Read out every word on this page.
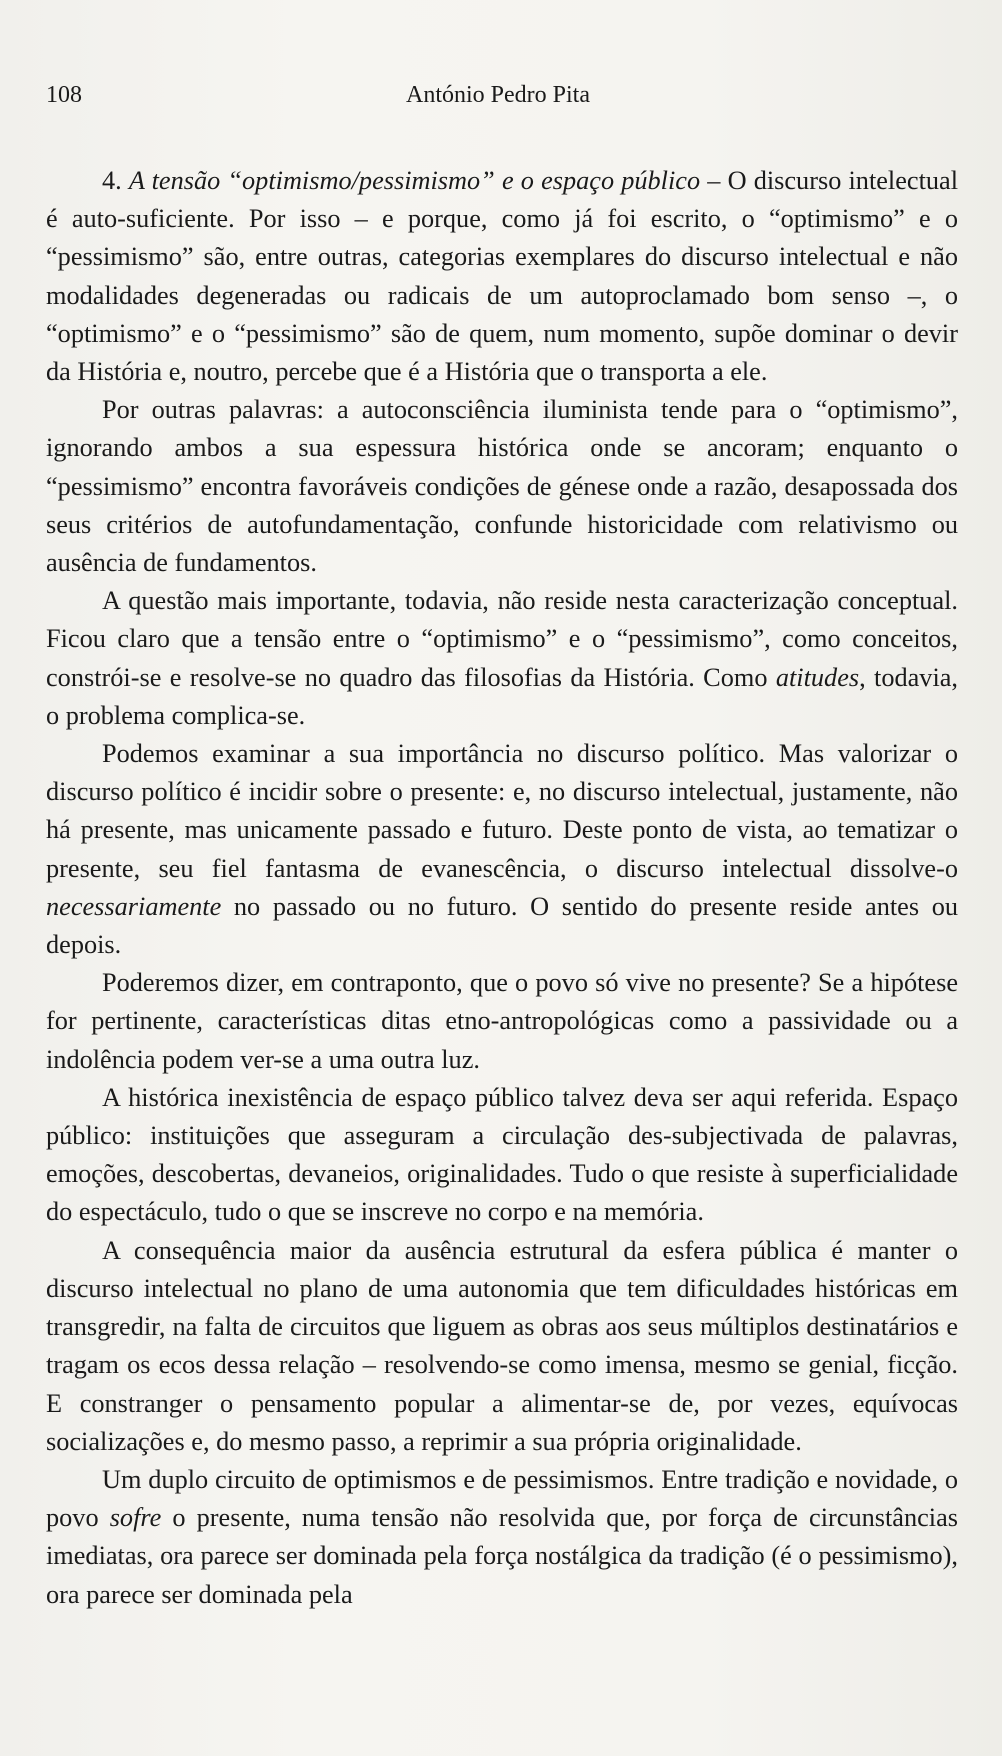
108	António Pedro Pita

4. A tensão “optimismo/pessimismo” e o espaço público – O discurso intelectual é auto-suficiente. Por isso – e porque, como já foi escrito, o “optimismo” e o “pessimismo” são, entre outras, categorias exemplares do discurso intelectual e não modalidades degeneradas ou radicais de um autoproclamado bom senso –, o “optimismo” e o “pessimismo” são de quem, num momento, supõe dominar o devir da História e, noutro, percebe que é a História que o transporta a ele.

Por outras palavras: a autoconsciência iluminista tende para o “optimismo”, ignorando ambos a sua espessura histórica onde se ancoram; enquanto o “pessimismo” encontra favoráveis condições de génese onde a razão, desapossada dos seus critérios de autofundamentação, confunde historicidade com relativismo ou ausência de fundamentos.

A questão mais importante, todavia, não reside nesta caracterização conceptual. Ficou claro que a tensão entre o “optimismo” e o “pessimismo”, como conceitos, constrói-se e resolve-se no quadro das filosofias da História. Como atitudes, todavia, o problema complica-se.

Podemos examinar a sua importância no discurso político. Mas valorizar o discurso político é incidir sobre o presente: e, no discurso intelectual, justamente, não há presente, mas unicamente passado e futuro. Deste ponto de vista, ao tematizar o presente, seu fiel fantasma de evanescência, o discurso intelectual dissolve-o necessariamente no passado ou no futuro. O sentido do presente reside antes ou depois.

Poderemos dizer, em contraponto, que o povo só vive no presente? Se a hipótese for pertinente, características ditas etno-antropológicas como a passividade ou a indolência podem ver-se a uma outra luz.

A histórica inexistência de espaço público talvez deva ser aqui referida. Espaço público: instituições que asseguram a circulação des-subjectivada de palavras, emoções, descobertas, devaneios, originalidades. Tudo o que resiste à superficialidade do espectáculo, tudo o que se inscreve no corpo e na memória.

A consequência maior da ausência estrutural da esfera pública é manter o discurso intelectual no plano de uma autonomia que tem dificuldades históricas em transgredir, na falta de circuitos que liguem as obras aos seus múltiplos destinatários e tragam os ecos dessa relação – resolvendo-se como imensa, mesmo se genial, ficção. E constranger o pensamento popular a alimentar-se de, por vezes, equívocas socializações e, do mesmo passo, a reprimir a sua própria originalidade.

Um duplo circuito de optimismos e de pessimismos. Entre tradição e novidade, o povo sofre o presente, numa tensão não resolvida que, por força de circunstâncias imediatas, ora parece ser dominada pela força nostálgica da tradição (é o pessimismo), ora parece ser dominada pela
